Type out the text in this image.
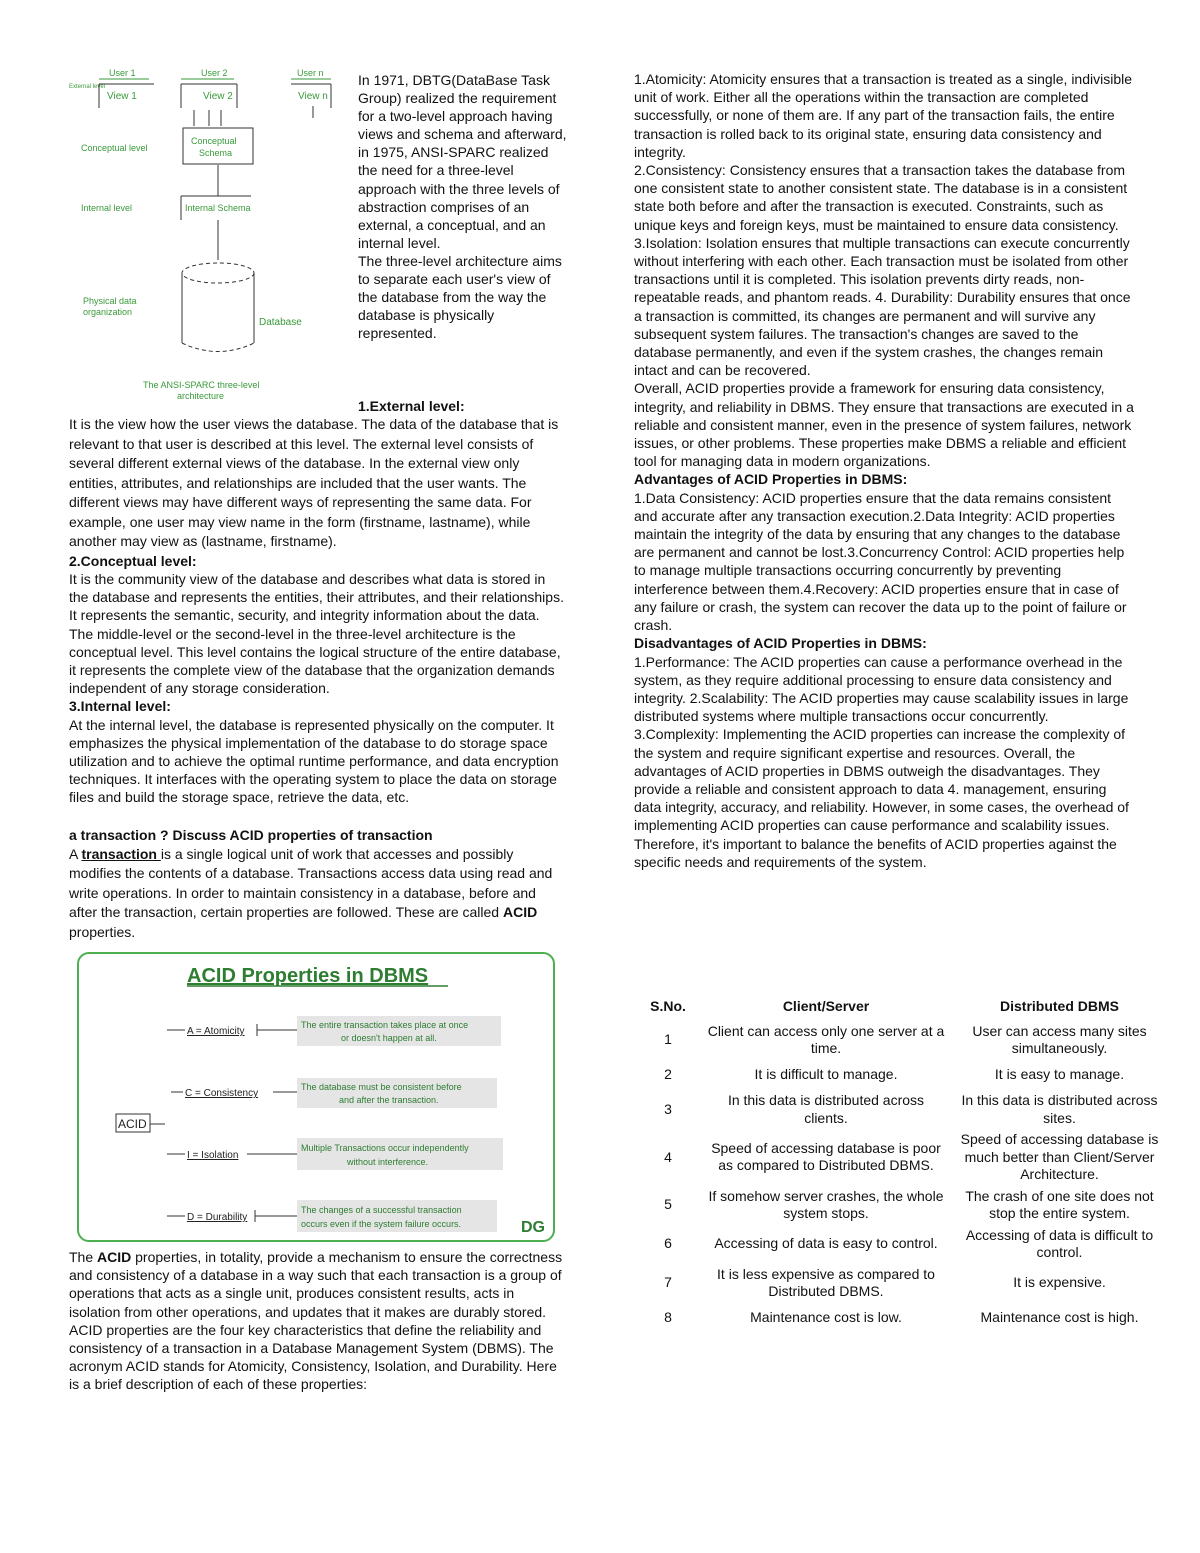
User 1	User 2	User n
External level
View 1	View 2	View n
Conceptual level
Conceptual
Schema
Internal level	Internal Schema
Physical data
organization
Database
The ANSI-SPARC three-level
architecture

In 1971, DBTG(DataBase Task Group) realized the requirement for a two-level approach having views and schema and afterward, in 1975, ANSI-SPARC realized the need for a three-level approach with the three levels of abstraction comprises of an external, a conceptual, and an internal level.

The three-level architecture aims to separate each user's view of the database from the way the database is physically represented.

1.External level:

It is the view how the user views the database. The data of the database that is relevant to that user is described at this level. The external level consists of several different external views of the database. In the external view only entities, attributes, and relationships are included that the user wants. The different views may have different ways of representing the same data. For example, one user may view name in the form (firstname, lastname), while another may view as (lastname, firstname).

2.Conceptual level:

It is the community view of the database and describes what data is stored in the database and represents the entities, their attributes, and their relationships. It represents the semantic, security, and integrity information about the data. The middle-level or the second-level in the three-level architecture is the conceptual level. This level contains the logical structure of the entire database, it represents the complete view of the database that the organization demands independent of any storage consideration.

3.Internal level:

At the internal level, the database is represented physically on the computer. It emphasizes the physical implementation of the database to do storage space utilization and to achieve the optimal runtime performance, and data encryption techniques. It interfaces with the operating system to place the data on storage files and build the storage space, retrieve the data, etc.

a transaction ? Discuss ACID properties of transaction

A transaction is a single logical unit of work that accesses and possibly modifies the contents of a database. Transactions access data using read and write operations. In order to maintain consistency in a database, before and after the transaction, certain properties are followed. These are called ACID properties.

ACID Properties in DBMS
ACID
A = Atomicity
The entire transaction takes place at once
or doesn't happen at all.
C = Consistency
The database must be consistent before
and after the transaction.
I = Isolation
Multiple Transactions occur independently
without interference.
D = Durability
The changes of a successful transaction
occurs even if the system failure occurs.	DG

The ACID properties, in totality, provide a mechanism to ensure the correctness and consistency of a database in a way such that each transaction is a group of operations that acts as a single unit, produces consistent results, acts in isolation from other operations, and updates that it makes are durably stored. ACID properties are the four key characteristics that define the reliability and consistency of a transaction in a Database Management System (DBMS). The acronym ACID stands for Atomicity, Consistency, Isolation, and Durability. Here is a brief description of each of these properties:

1.Atomicity: Atomicity ensures that a transaction is treated as a single, indivisible unit of work. Either all the operations within the transaction are completed successfully, or none of them are. If any part of the transaction fails, the entire transaction is rolled back to its original state, ensuring data consistency and integrity.
2.Consistency: Consistency ensures that a transaction takes the database from one consistent state to another consistent state. The database is in a consistent state both before and after the transaction is executed. Constraints, such as unique keys and foreign keys, must be maintained to ensure data consistency.
3.Isolation: Isolation ensures that multiple transactions can execute concurrently without interfering with each other. Each transaction must be isolated from other transactions until it is completed. This isolation prevents dirty reads, non-repeatable reads, and phantom reads. 4. Durability: Durability ensures that once a transaction is committed, its changes are permanent and will survive any subsequent system failures. The transaction's changes are saved to the database permanently, and even if the system crashes, the changes remain intact and can be recovered.
Overall, ACID properties provide a framework for ensuring data consistency, integrity, and reliability in DBMS. They ensure that transactions are executed in a reliable and consistent manner, even in the presence of system failures, network issues, or other problems. These properties make DBMS a reliable and efficient tool for managing data in modern organizations.

Advantages of ACID Properties in DBMS:

1.Data Consistency: ACID properties ensure that the data remains consistent and accurate after any transaction execution.2.Data Integrity: ACID properties maintain the integrity of the data by ensuring that any changes to the database are permanent and cannot be lost.3.Concurrency Control: ACID properties help to manage multiple transactions occurring concurrently by preventing interference between them.4.Recovery: ACID properties ensure that in case of any failure or crash, the system can recover the data up to the point of failure or crash.

Disadvantages of ACID Properties in DBMS:

1.Performance: The ACID properties can cause a performance overhead in the system, as they require additional processing to ensure data consistency and integrity. 2.Scalability: The ACID properties may cause scalability issues in large distributed systems where multiple transactions occur concurrently. 3.Complexity: Implementing the ACID properties can increase the complexity of the system and require significant expertise and resources. Overall, the advantages of ACID properties in DBMS outweigh the disadvantages. They provide a reliable and consistent approach to data 4. management, ensuring data integrity, accuracy, and reliability. However, in some cases, the overhead of implementing ACID properties can cause performance and scalability issues. Therefore, it's important to balance the benefits of ACID properties against the specific needs and requirements of the system.

S.No.	Client/Server	Distributed DBMS
1	Client can access only one server at a time.	User can access many sites simultaneously.
2	It is difficult to manage.	It is easy to manage.
3	In this data is distributed across clients.	In this data is distributed across sites.
4	Speed of accessing database is poor as compared to Distributed DBMS.	Speed of accessing database is much better than Client/Server Architecture.
5	If somehow server crashes, the whole system stops.	The crash of one site does not stop the entire system.
6	Accessing of data is easy to control.	Accessing of data is difficult to control.
7	It is less expensive as compared to Distributed DBMS.	It is expensive.
8	Maintenance cost is low.	Maintenance cost is high.
